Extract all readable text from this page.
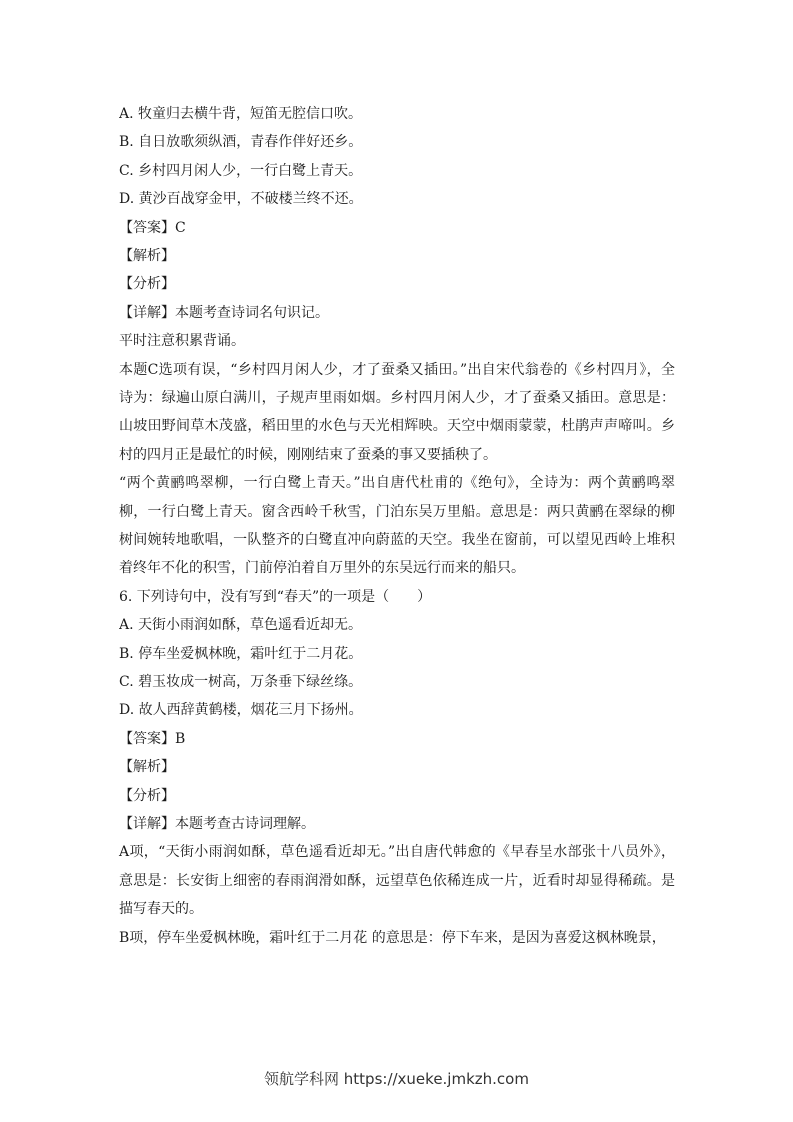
A. 牧童归去横牛背，短笛无腔信口吹。
B. 自日放歌须纵酒，青春作伴好还乡。
C. 乡村四月闲人少，一行白鹭上青天。
D. 黄沙百战穿金甲，不破楼兰终不还。
【答案】C
【解析】
【分析】
【详解】本题考查诗词名句识记。
平时注意积累背诵。
本题C选项有误，“乡村四月闲人少，才了蚕桑又插田。”出自宋代翁卷的《乡村四月》，全诗为：绿遍山原白满川，子规声里雨如烟。乡村四月闲人少，才了蚕桑又插田。意思是：山坡田野间草木茂盛，稻田里的水色与天光相辉映。天空中烟雨蒙蒙，杜鹃声声啼叫。乡村的四月正是最忙的时候，刚刚结束了蚕桑的事又要插秧了。
“两个黄鹂鸣翠柳，一行白鹭上青天。”出自唐代杜甫的《绝句》，全诗为：两个黄鹂鸣翠柳，一行白鹭上青天。窗含西岭千秋雪，门泊东吴万里船。意思是：两只黄鹂在翠绿的柳树间婉转地歌唱，一队整齐的白鹭直冲向蔚蓝的天空。我坐在窗前，可以望见西岭上堆积着终年不化的积雪，门前停泊着自万里外的东吴远行而来的船只。
6. 下列诗句中，没有写到“春天”的一项是（　　）
A. 天街小雨润如酥，草色遥看近却无。
B. 停车坐爱枫林晚，霜叶红于二月花。
C. 碧玉妆成一树高，万条垂下绿丝绦。
D. 故人西辞黄鹤楼，烟花三月下扬州。
【答案】B
【解析】
【分析】
【详解】本题考查古诗词理解。
A项，“天街小雨润如酥，草色遥看近却无。”出自唐代韩愈的《早春呈水部张十八员外》，意思是：长安街上细密的春雨润滑如酥，远望草色依稀连成一片，近看时却显得稀疏。是描写春天的。
B项，停车坐爱枫林晚，霜叶红于二月花 的意思是：停下车来，是因为喜爱这枫林晚景，
领航学科网 https://xueke.jmkzh.com
